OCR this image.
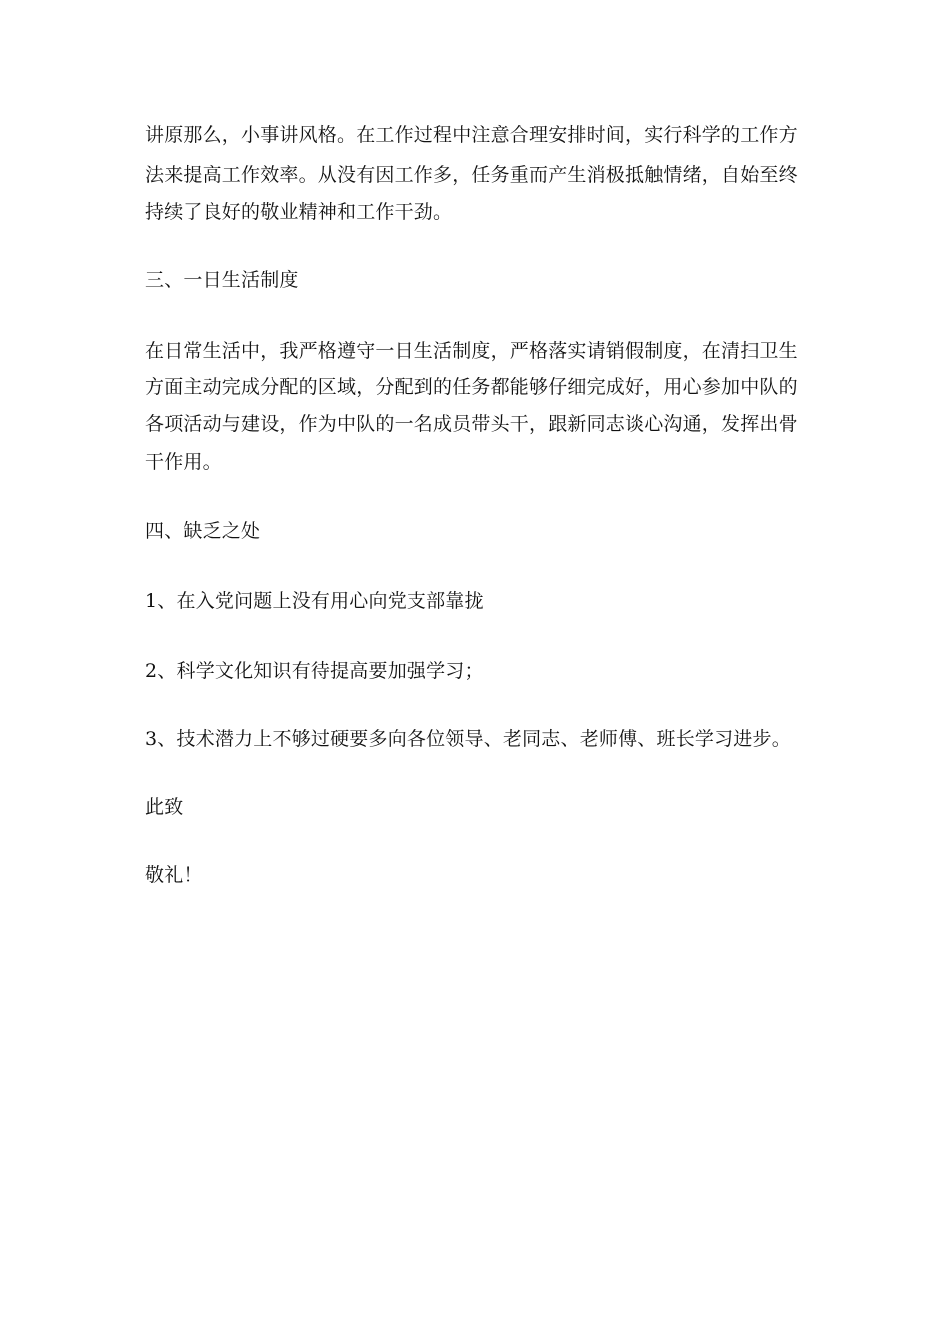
讲原那么，小事讲风格。在工作过程中注意合理安排时间，实行科学的工作方
法来提高工作效率。从没有因工作多，任务重而产生消极抵触情绪，自始至终
持续了良好的敬业精神和工作干劲。
三、一日生活制度
在日常生活中，我严格遵守一日生活制度，严格落实请销假制度，在清扫卫生
方面主动完成分配的区域，分配到的任务都能够仔细完成好，用心参加中队的
各项活动与建设，作为中队的一名成员带头干，跟新同志谈心沟通，发挥出骨
干作用。
四、缺乏之处
1、在入党问题上没有用心向党支部靠拢
2、科学文化知识有待提高要加强学习；
3、技术潜力上不够过硬要多向各位领导、老同志、老师傅、班长学习进步。
此致
敬礼！
